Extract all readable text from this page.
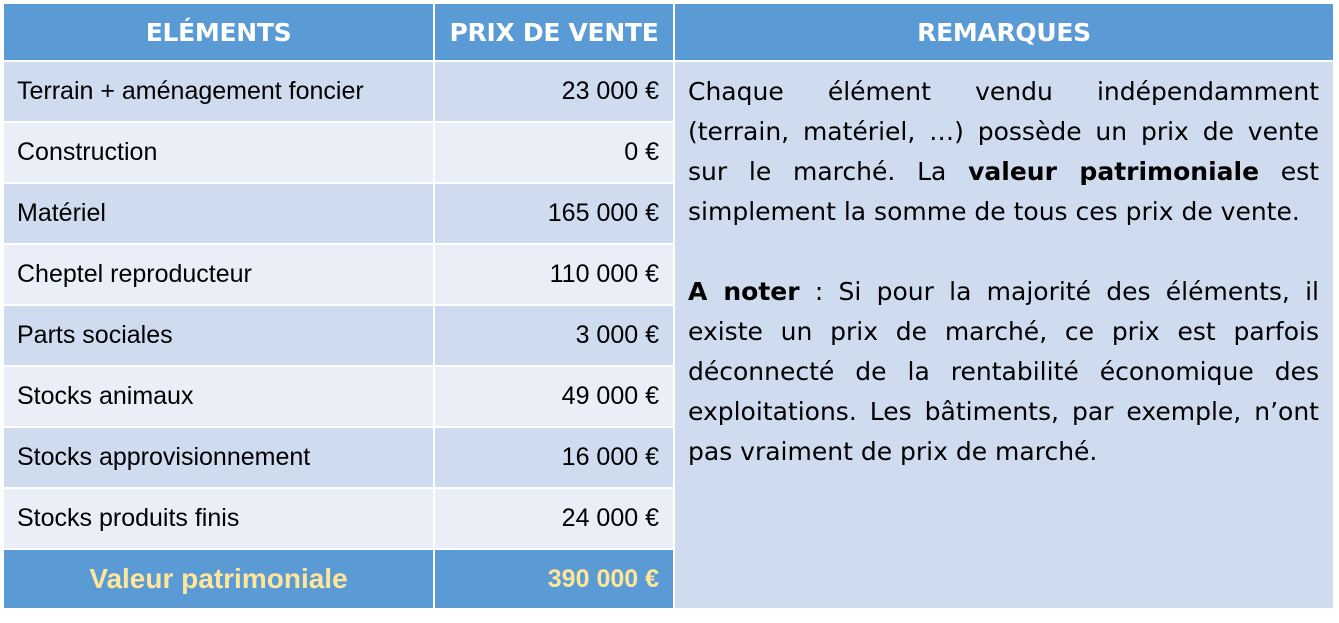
ELÉMENTS	PRIX DE VENTE	REMARQUES
Terrain + aménagement foncier	23 000 €	Chaque élément vendu indépendamment (terrain, matériel, …) possède un prix de vente sur le marché. La valeur patrimoniale est simplement la somme de tous ces prix de vente.

A noter : Si pour la majorité des éléments, il existe un prix de marché, ce prix est parfois déconnecté de la rentabilité économique des exploitations. Les bâtiments, par exemple, n’ont pas vraiment de prix de marché.

Construction	0 €
Matériel	165 000 €
Cheptel reproducteur	110 000 €
Parts sociales	3 000 €
Stocks animaux	49 000 €
Stocks approvisionnement	16 000 €
Stocks produits finis	24 000 €
Valeur patrimoniale	390 000 €
